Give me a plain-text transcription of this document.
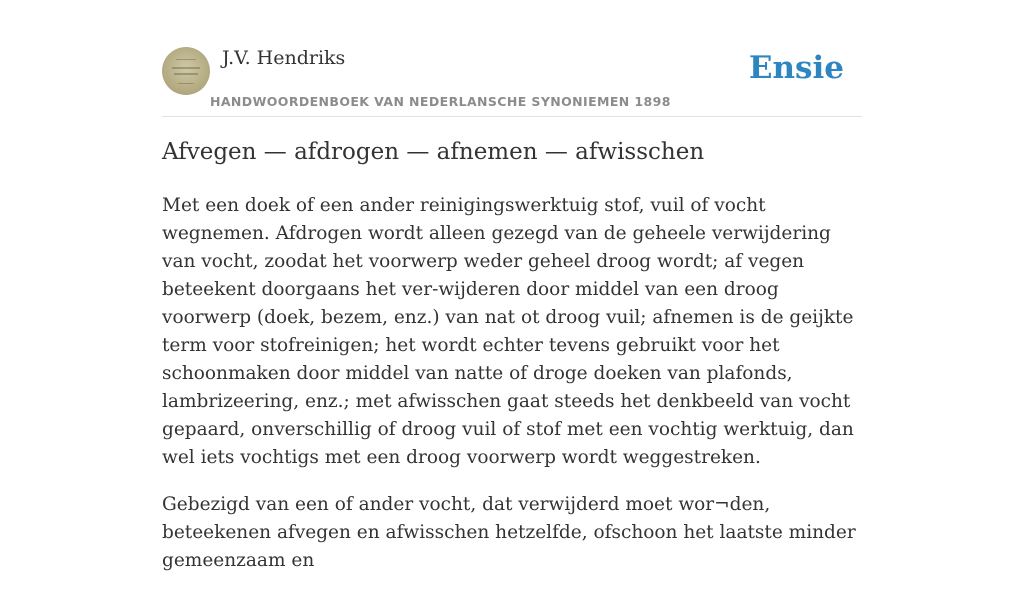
J.V. Hendriks
HANDWOORDENBOEK VAN NEDERLANSCHE SYNONIEMEN 1898
Ensie
Afvegen — afdrogen — afnemen — afwisschen

Met een doek of een ander reinigingswerktuig stof, vuil of vocht wegnemen. Afdrogen wordt alleen gezegd van de geheele verwijdering van vocht, zoodat het voorwerp weder geheel droog wordt; af vegen beteekent doorgaans het ver-wijderen door middel van een droog voorwerp (doek, bezem, enz.) van nat ot droog vuil; afnemen is de geijkte term voor stofreinigen; het wordt echter tevens gebruikt voor het schoonmaken door middel van natte of droge doeken van plafonds, lambrizeering, enz.; met afwisschen gaat steeds het denkbeeld van vocht gepaard, onverschillig of droog vuil of stof met een vochtig werktuig, dan wel iets vochtigs met een droog voorwerp wordt weggestreken.

Gebezigd van een of ander vocht, dat verwijderd moet wor¬den, beteekenen afvegen en afwisschen hetzelfde, ofschoon het laatste minder gemeenzaam en
